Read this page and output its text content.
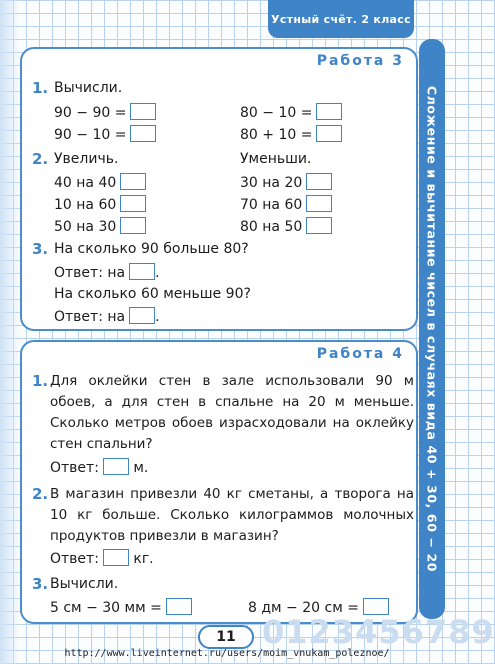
Устный счёт. 2 класс
Сложение и вычитание чисел в случаях вида 40 + 30, 60 − 20
Работа 3
1. Вычисли.
90 − 90 =
90 − 10 =
80 − 10 =
80 + 10 =
2. Увеличь.	Уменьши.
40 на 40
10 на 60
50 на 30
30 на 20
70 на 60
80 на 50
3. На сколько 90 больше 80?
Ответ: на .
На сколько 60 меньше 90?
Ответ: на .
Работа 4
1. Для оклейки стен в зале использовали 90 м
обоев, а для стен в спальне на 20 м меньше.
Сколько метров обоев израсходовали на оклейку
стен спальни?
Ответ: м.
2. В магазин привезли 40 кг сметаны, а творога на
10 кг больше. Сколько килограммов молочных
продуктов привезли в магазин?
Ответ: кг.
3. Вычисли.
5 см − 30 мм =	8 дм − 20 см =
0123456789
11
http://www.liveinternet.ru/users/moim_vnukam_poleznoe/
